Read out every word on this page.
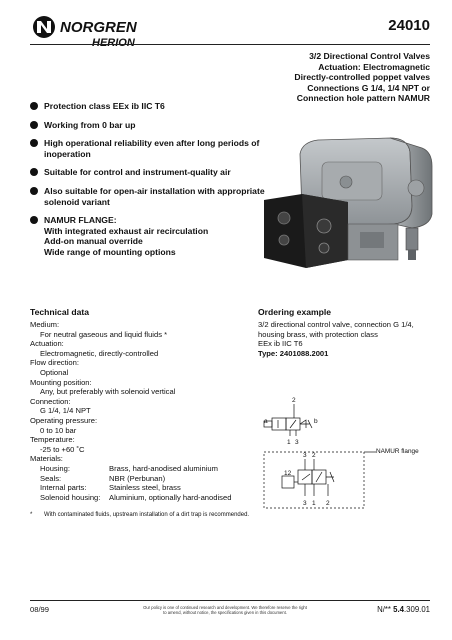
NORGREN
HERION
24010
3/2 Directional Control Valves
Actuation: Electromagnetic
Directly-controlled poppet valves
Connections G 1/4, 1/4 NPT or
Connection hole pattern NAMUR
Protection class EEx ib IIC T6
Working from 0 bar up
High operational reliability even after long periods of
inoperation
Suitable for control and instrument-quality air
Also suitable for open-air installation with appropriate
solenoid variant
NAMUR FLANGE:
With integrated exhaust air recirculation
Add-on manual override
Wide range of mounting options
Technical data
Medium:
For neutral gaseous and liquid fluids *
Actuation:
Electromagnetic, directly-controlled
Flow direction:
Optional
Mounting position:
Any, but preferably with solenoid vertical
Connection:
G 1/4, 1/4 NPT
Operating pressure:
0 to 10 bar
Temperature:
-25 to +60 ˚C
Materials:
Housing:	Brass, hard-anodised aluminium
Seals:	NBR (Perbunan)
Internal parts:	Stainless steel, brass
Solenoid housing:	Aluminium, optionally hard-anodised
Ordering example
3/2 directional control valve, connection G 1/4,
housing brass, with protection class
EEx ib IIC T6
Type: 2401088.2001
2
a	b
1 3
3 2
12
3 1 2
NAMUR flange
* With contaminated fluids, upstream installation of a dirt trap is recommended.
08/99	Our policy is one of continued research and development. We therefore reserve the right
to amend, without notice, the specifications given in this document.	N/** 5.4.309.01
